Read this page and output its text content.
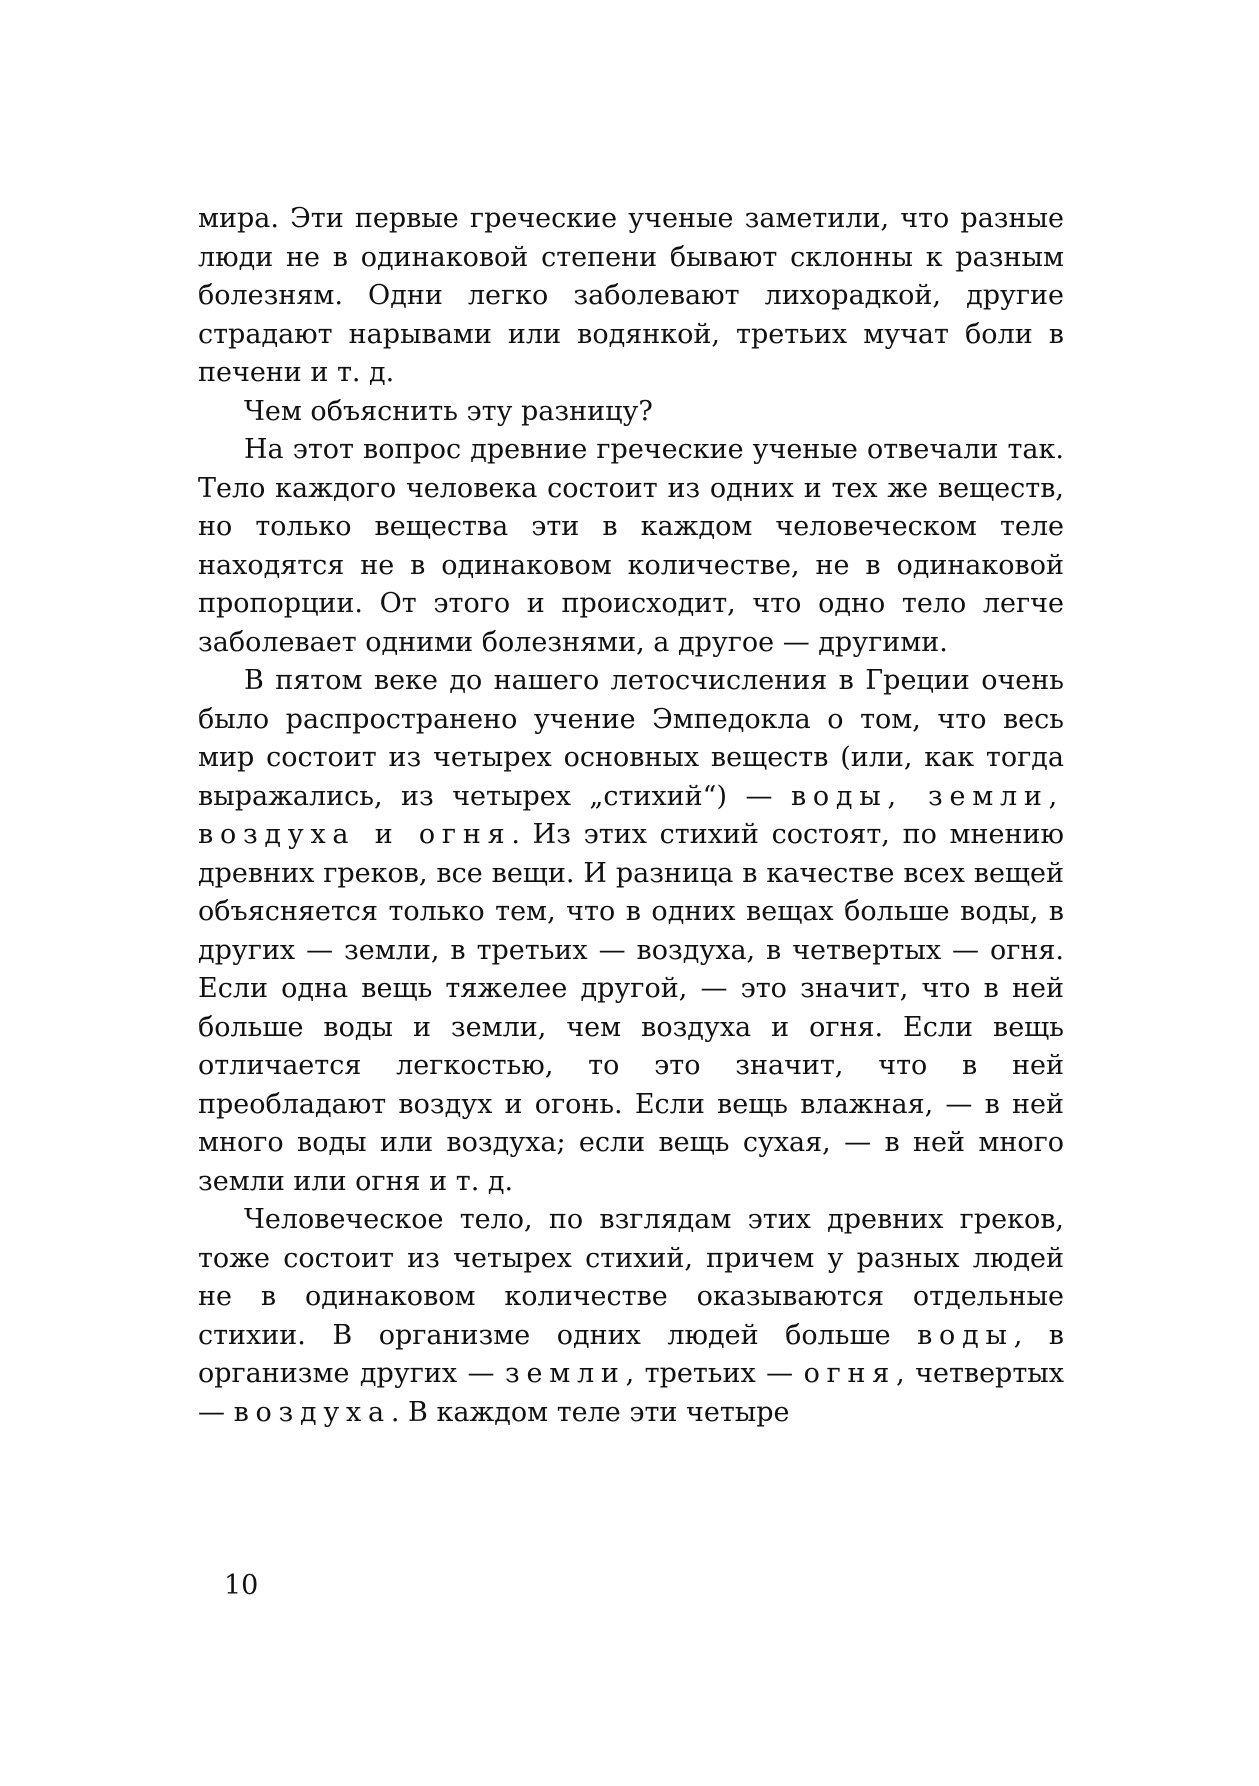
мира. Эти первые греческие ученые заметили, что разные люди не в одинаковой степени бывают склонны к разным болезням. Одни легко заболевают лихорадкой, другие страдают нарывами или водянкой, третьих мучат боли в печени и т. д.

Чем объяснить эту разницу?

На этот вопрос древние греческие ученые отвечали так. Тело каждого человека состоит из одних и тех же веществ, но только вещества эти в каждом человеческом теле находятся не в одинаковом количестве, не в одинаковой пропорции. От этого и происходит, что одно тело легче заболевает одними болезнями, а другое — другими.

В пятом веке до нашего летосчисления в Греции очень было распространено учение Эмпедокла о том, что весь мир состоит из четырех основных веществ (или, как тогда выражались, из четырех „стихий“) — воды, земли, воздуха и огня. Из этих стихий состоят, по мнению древних греков, все вещи. И разница в качестве всех вещей объясняется только тем, что в одних вещах больше воды, в других — земли, в третьих — воздуха, в четвертых — огня. Если одна вещь тяжелее другой, — это значит, что в ней больше воды и земли, чем воздуха и огня. Если вещь отличается легкостью, то это значит, что в ней преобладают воздух и огонь. Если вещь влажная, — в ней много воды или воздуха; если вещь сухая, — в ней много земли или огня и т. д.

Человеческое тело, по взглядам этих древних греков, тоже состоит из четырех стихий, причем у разных людей не в одинаковом количестве оказываются отдельные стихии. В организме одних людей больше воды, в организме других — земли, третьих — огня, четвертых — воздуха. В каждом теле эти четыре

10
